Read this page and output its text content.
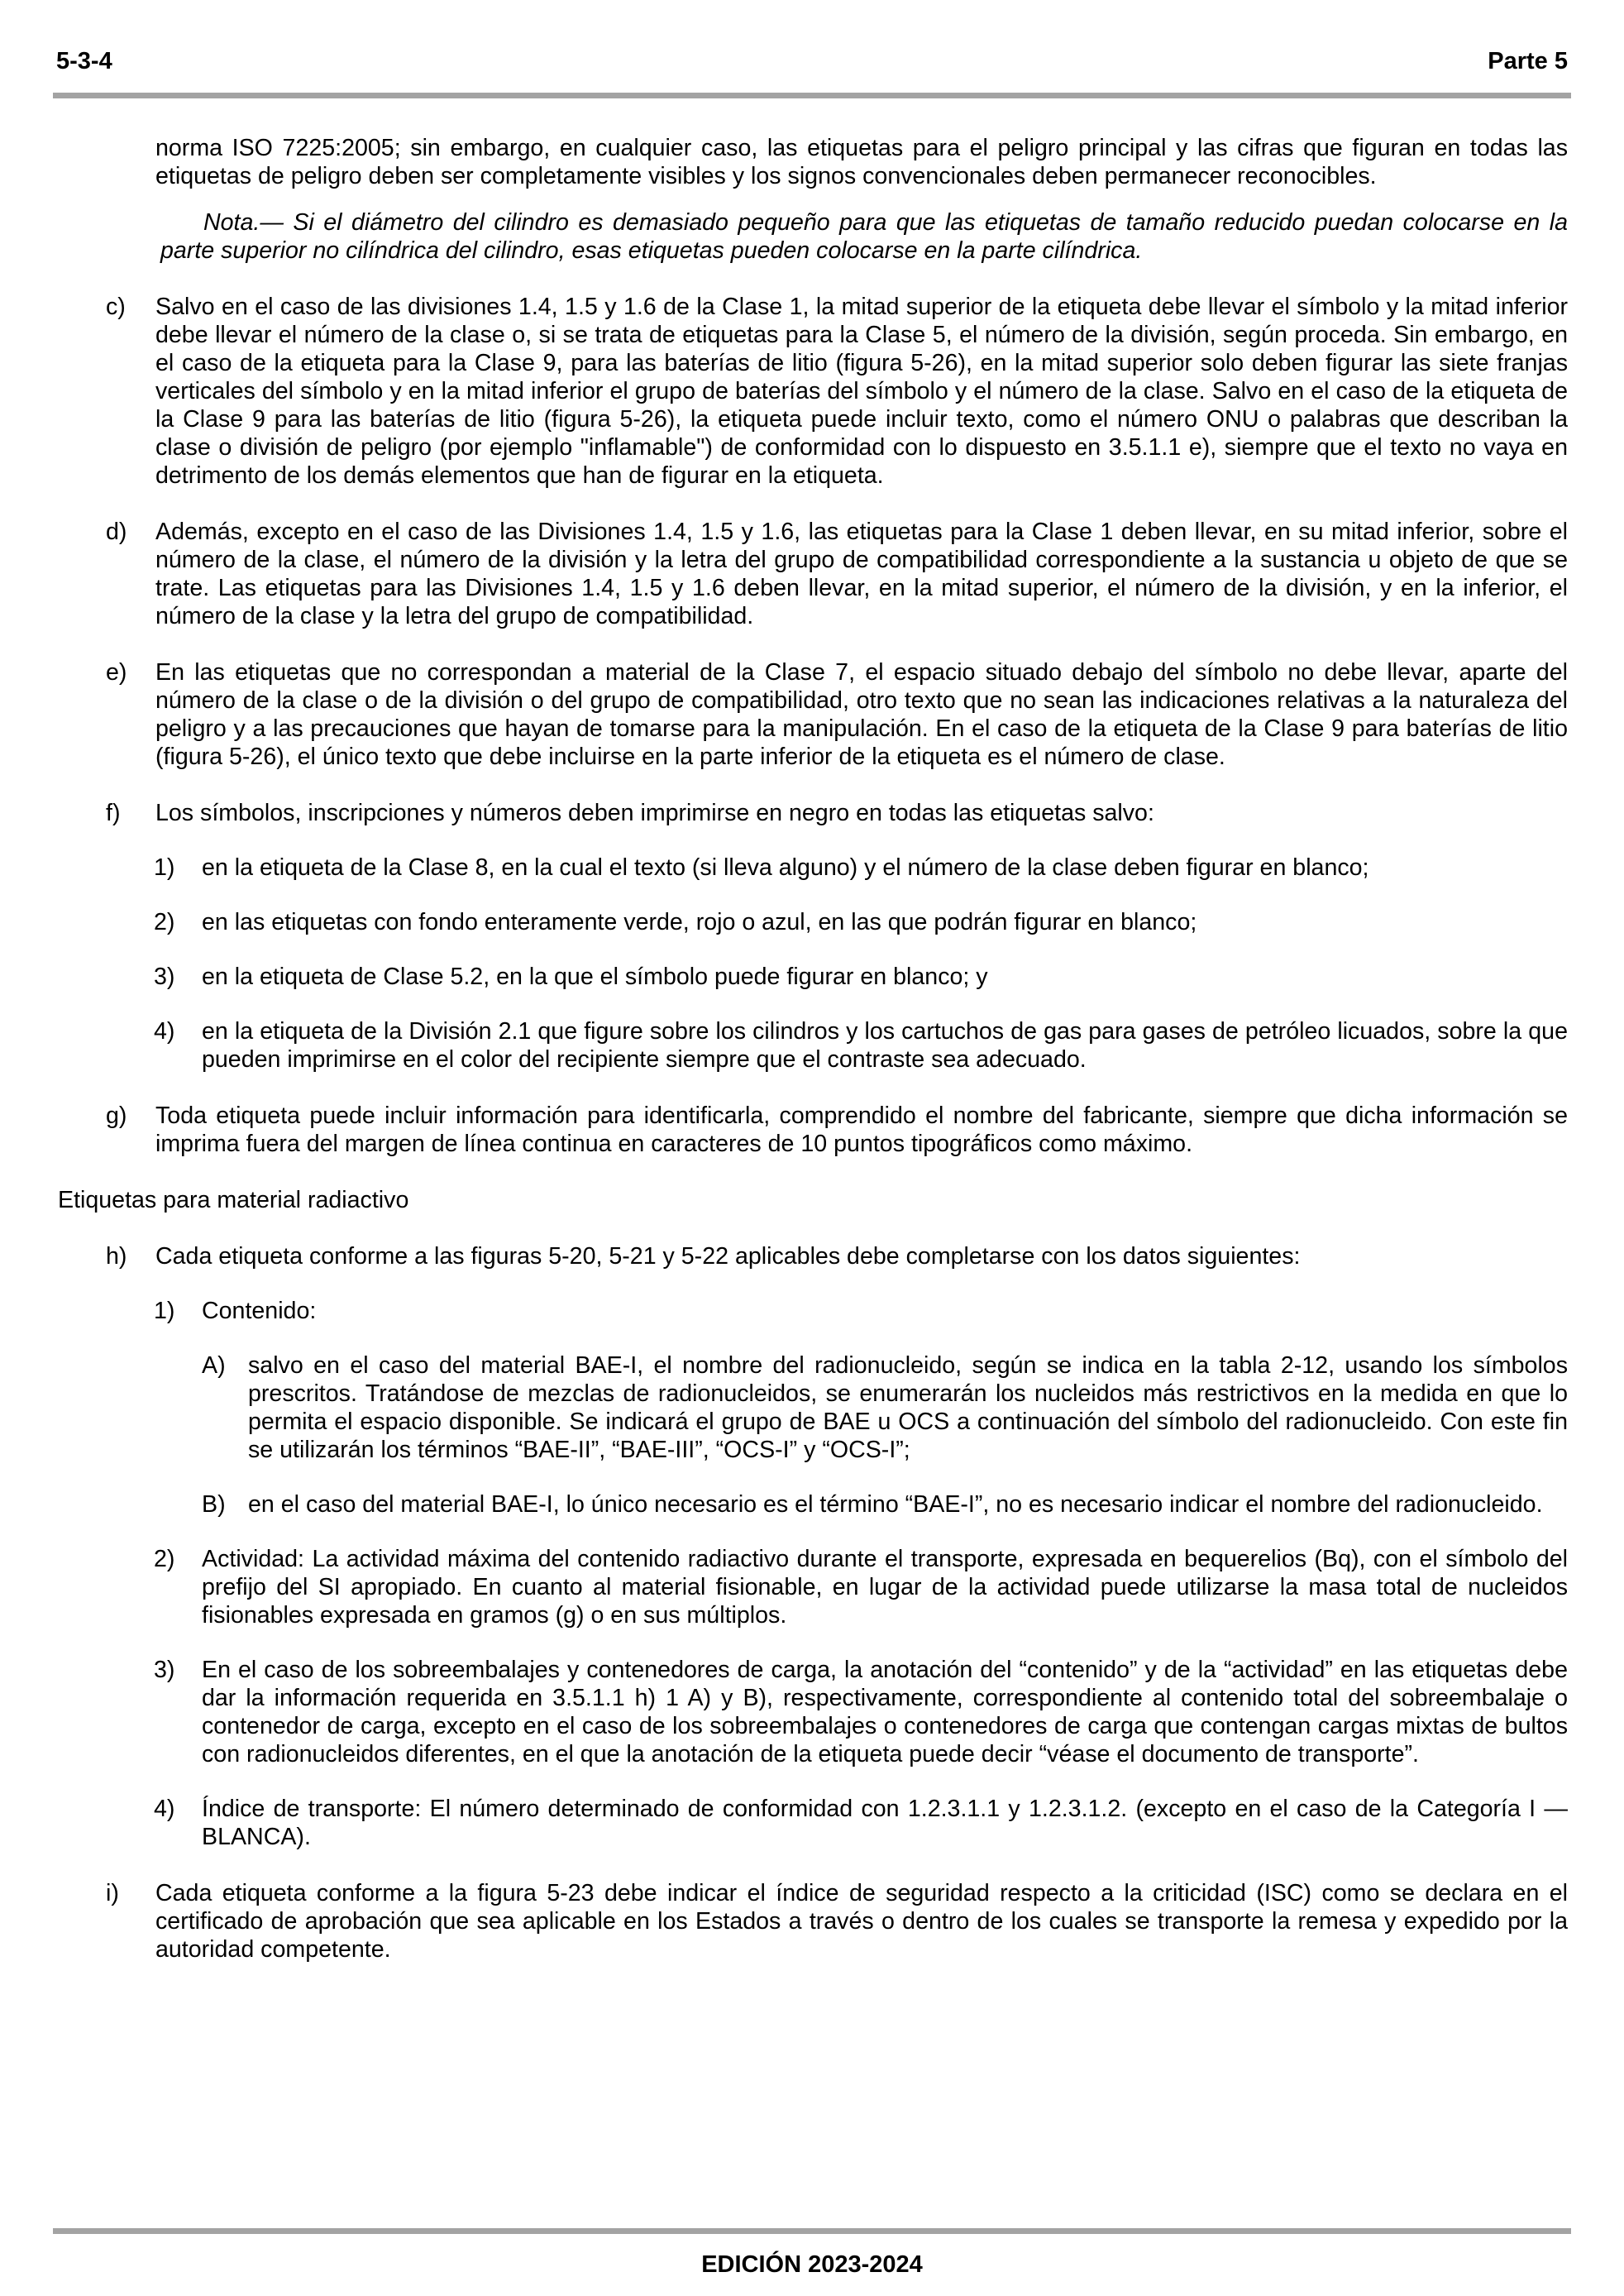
5-3-4	Parte 5

norma ISO 7225:2005; sin embargo, en cualquier caso, las etiquetas para el peligro principal y las cifras que figuran en todas las etiquetas de peligro deben ser completamente visibles y los signos convencionales deben permanecer reconocibles.

Nota.— Si el diámetro del cilindro es demasiado pequeño para que las etiquetas de tamaño reducido puedan colocarse en la parte superior no cilíndrica del cilindro, esas etiquetas pueden colocarse en la parte cilíndrica.

c) Salvo en el caso de las divisiones 1.4, 1.5 y 1.6 de la Clase 1, la mitad superior de la etiqueta debe llevar el símbolo y la mitad inferior debe llevar el número de la clase o, si se trata de etiquetas para la Clase 5, el número de la división, según proceda. Sin embargo, en el caso de la etiqueta para la Clase 9, para las baterías de litio (figura 5-26), en la mitad superior solo deben figurar las siete franjas verticales del símbolo y en la mitad inferior el grupo de baterías del símbolo y el número de la clase. Salvo en el caso de la etiqueta de la Clase 9 para las baterías de litio (figura 5-26), la etiqueta puede incluir texto, como el número ONU o palabras que describan la clase o división de peligro (por ejemplo "inflamable") de conformidad con lo dispuesto en 3.5.1.1 e), siempre que el texto no vaya en detrimento de los demás elementos que han de figurar en la etiqueta.

d) Además, excepto en el caso de las Divisiones 1.4, 1.5 y 1.6, las etiquetas para la Clase 1 deben llevar, en su mitad inferior, sobre el número de la clase, el número de la división y la letra del grupo de compatibilidad correspondiente a la sustancia u objeto de que se trate. Las etiquetas para las Divisiones 1.4, 1.5 y 1.6 deben llevar, en la mitad superior, el número de la división, y en la inferior, el número de la clase y la letra del grupo de compatibilidad.

e) En las etiquetas que no correspondan a material de la Clase 7, el espacio situado debajo del símbolo no debe llevar, aparte del número de la clase o de la división o del grupo de compatibilidad, otro texto que no sean las indicaciones relativas a la naturaleza del peligro y a las precauciones que hayan de tomarse para la manipulación. En el caso de la etiqueta de la Clase 9 para baterías de litio (figura 5-26), el único texto que debe incluirse en la parte inferior de la etiqueta es el número de clase.

f) Los símbolos, inscripciones y números deben imprimirse en negro en todas las etiquetas salvo:

1) en la etiqueta de la Clase 8, en la cual el texto (si lleva alguno) y el número de la clase deben figurar en blanco;

2) en las etiquetas con fondo enteramente verde, rojo o azul, en las que podrán figurar en blanco;

3) en la etiqueta de Clase 5.2, en la que el símbolo puede figurar en blanco; y

4) en la etiqueta de la División 2.1 que figure sobre los cilindros y los cartuchos de gas para gases de petróleo licuados, sobre la que pueden imprimirse en el color del recipiente siempre que el contraste sea adecuado.

g) Toda etiqueta puede incluir información para identificarla, comprendido el nombre del fabricante, siempre que dicha información se imprima fuera del margen de línea continua en caracteres de 10 puntos tipográficos como máximo.

Etiquetas para material radiactivo

h) Cada etiqueta conforme a las figuras 5-20, 5-21 y 5-22 aplicables debe completarse con los datos siguientes:

1) Contenido:

A) salvo en el caso del material BAE-I, el nombre del radionucleido, según se indica en la tabla 2-12, usando los símbolos prescritos. Tratándose de mezclas de radionucleidos, se enumerarán los nucleidos más restrictivos en la medida en que lo permita el espacio disponible. Se indicará el grupo de BAE u OCS a continuación del símbolo del radionucleido. Con este fin se utilizarán los términos “BAE-II”, “BAE-III”, “OCS-I” y “OCS-I”;

B) en el caso del material BAE-I, lo único necesario es el término “BAE-I”, no es necesario indicar el nombre del radionucleido.

2) Actividad: La actividad máxima del contenido radiactivo durante el transporte, expresada en bequerelios (Bq), con el símbolo del prefijo del SI apropiado. En cuanto al material fisionable, en lugar de la actividad puede utilizarse la masa total de nucleidos fisionables expresada en gramos (g) o en sus múltiplos.

3) En el caso de los sobreembalajes y contenedores de carga, la anotación del “contenido” y de la “actividad” en las etiquetas debe dar la información requerida en 3.5.1.1 h) 1 A) y B), respectivamente, correspondiente al contenido total del sobreembalaje o contenedor de carga, excepto en el caso de los sobreembalajes o contenedores de carga que contengan cargas mixtas de bultos con radionucleidos diferentes, en el que la anotación de la etiqueta puede decir “véase el documento de transporte”.

4) Índice de transporte: El número determinado de conformidad con 1.2.3.1.1 y 1.2.3.1.2. (excepto en el caso de la Categoría I — BLANCA).

i) Cada etiqueta conforme a la figura 5-23 debe indicar el índice de seguridad respecto a la criticidad (ISC) como se declara en el certificado de aprobación que sea aplicable en los Estados a través o dentro de los cuales se transporte la remesa y expedido por la autoridad competente.

EDICIÓN 2023-2024
